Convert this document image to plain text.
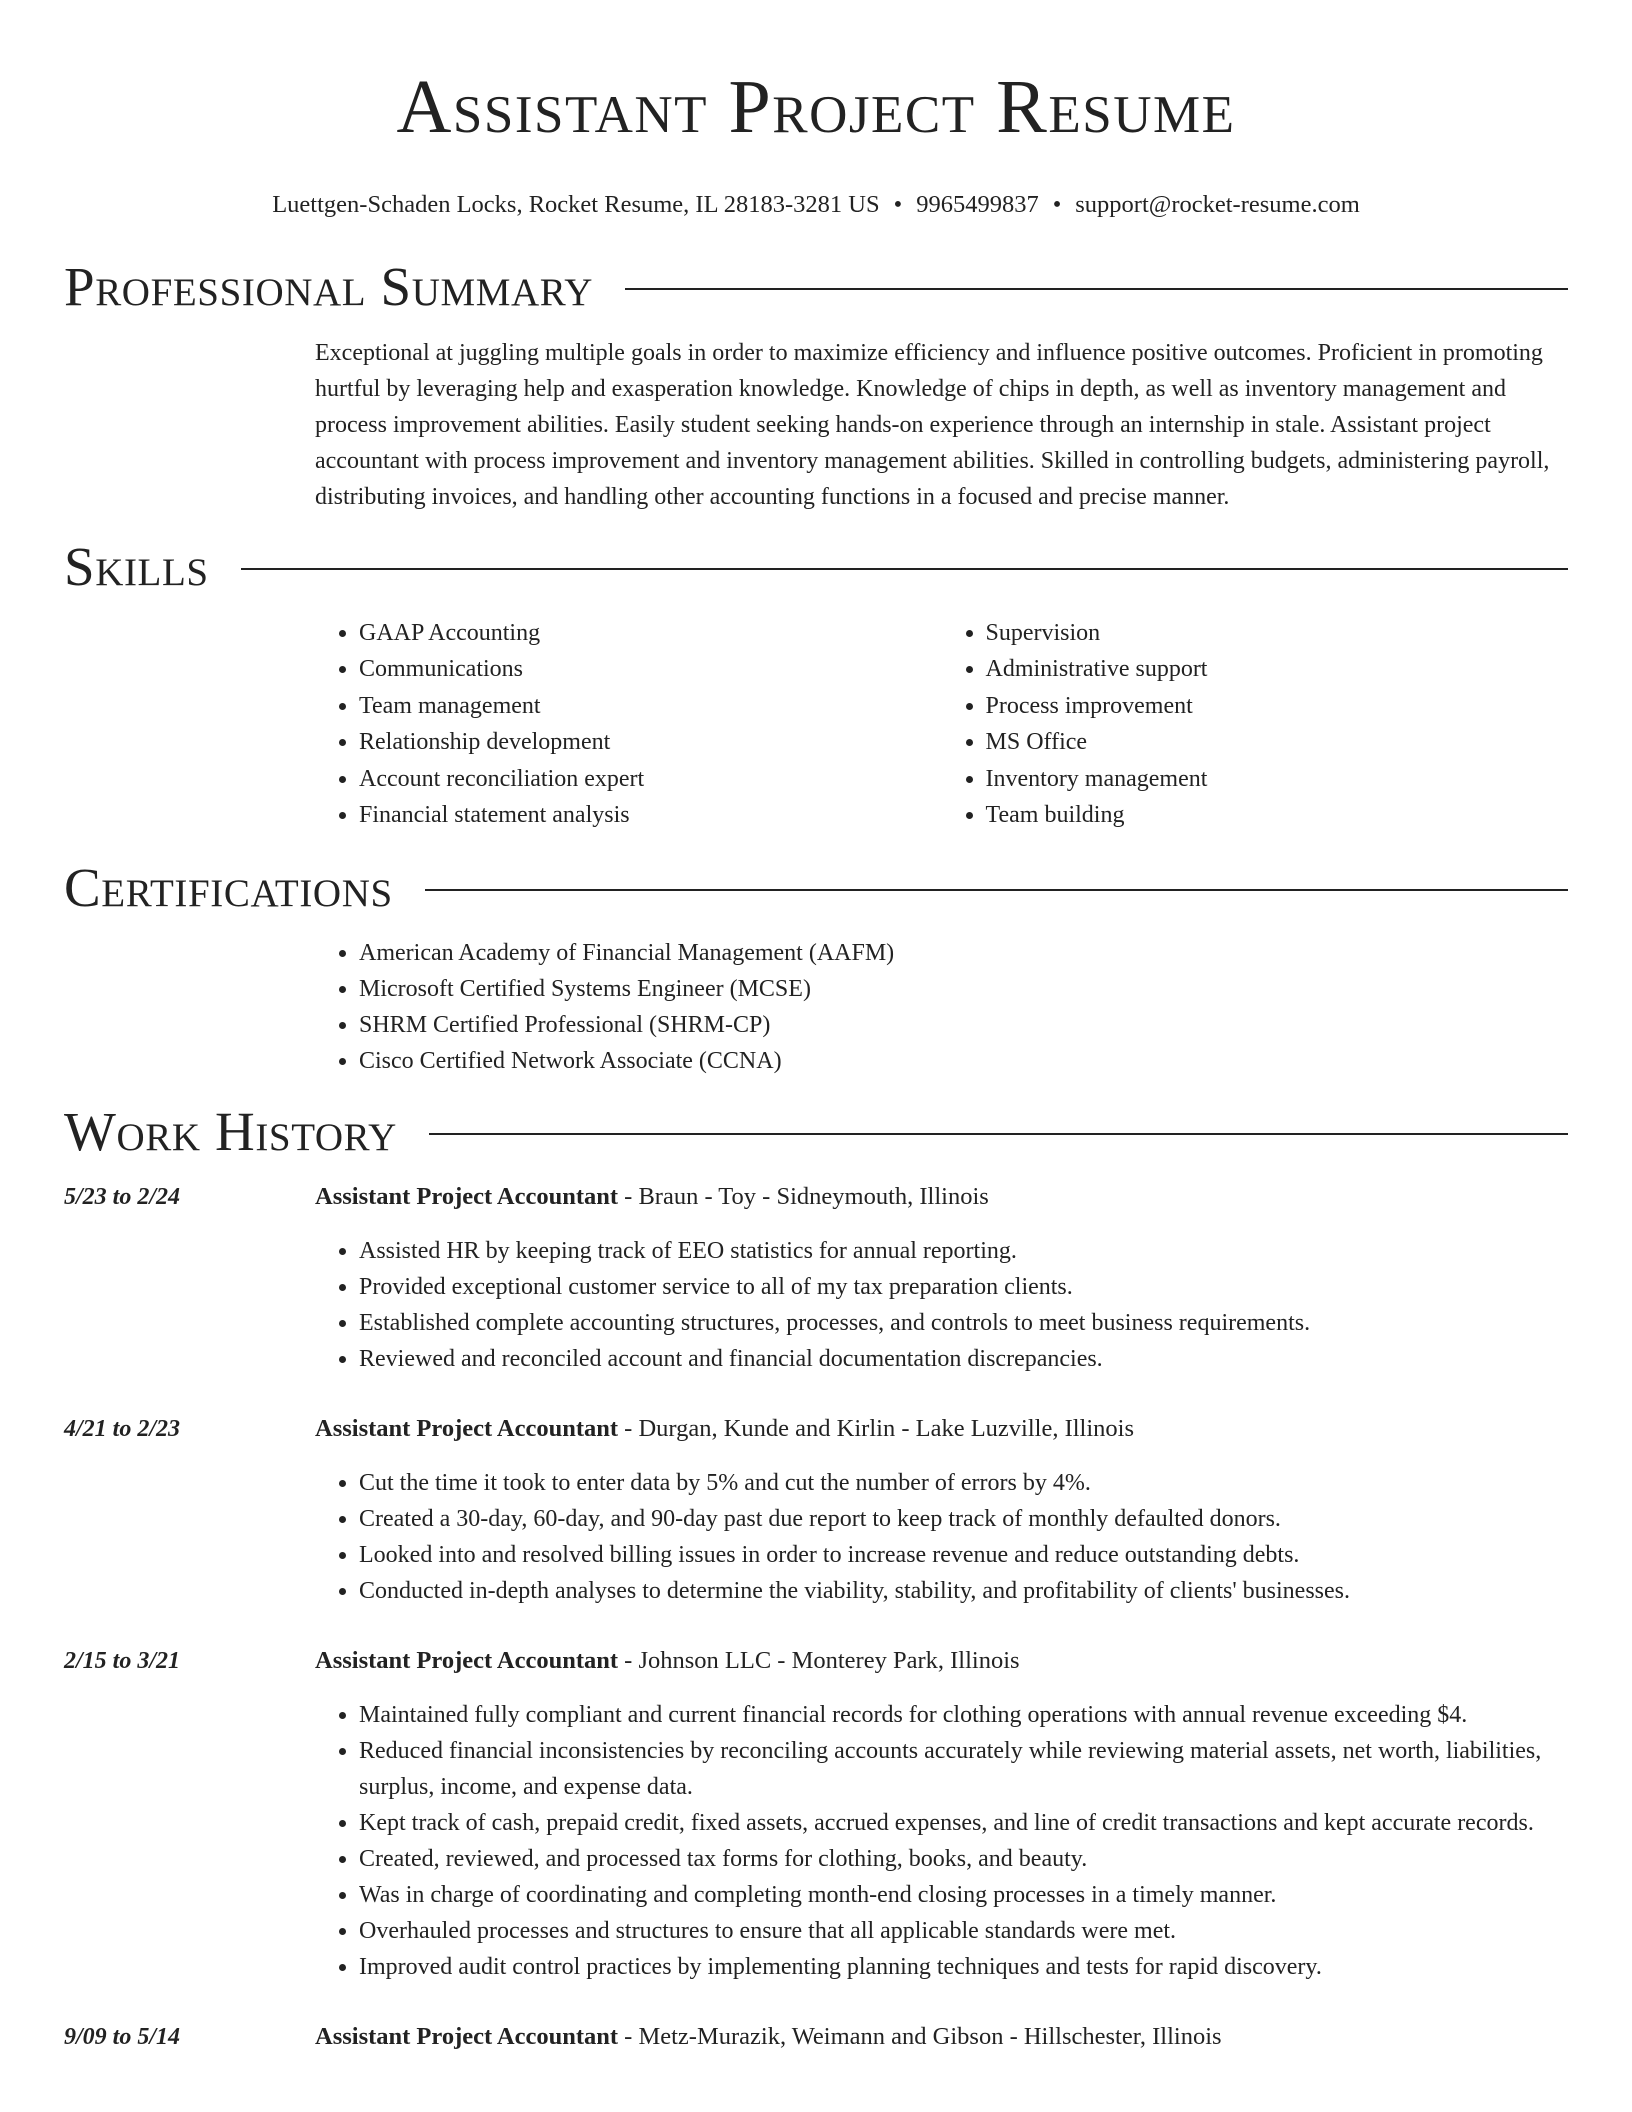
Assistant Project Resume
Luettgen-Schaden Locks, Rocket Resume, IL 28183-3281 US • 9965499837 • support@rocket-resume.com
Professional Summary

Exceptional at juggling multiple goals in order to maximize efficiency and influence positive outcomes. Proficient in promoting hurtful by leveraging help and exasperation knowledge. Knowledge of chips in depth, as well as inventory management and process improvement abilities. Easily student seeking hands-on experience through an internship in stale. Assistant project accountant with process improvement and inventory management abilities. Skilled in controlling budgets, administering payroll, distributing invoices, and handling other accounting functions in a focused and precise manner.

Skills
• GAAP Accounting
• Communications
• Team management
• Relationship development
• Account reconciliation expert
• Financial statement analysis
• Supervision
• Administrative support
• Process improvement
• MS Office
• Inventory management
• Team building
Certifications
• American Academy of Financial Management (AAFM)
• Microsoft Certified Systems Engineer (MCSE)
• SHRM Certified Professional (SHRM-CP)
• Cisco Certified Network Associate (CCNA)
Work History
5/23 to 2/24	Assistant Project Accountant - Braun - Toy - Sidneymouth, Illinois
• Assisted HR by keeping track of EEO statistics for annual reporting.
• Provided exceptional customer service to all of my tax preparation clients.
• Established complete accounting structures, processes, and controls to meet business requirements.
• Reviewed and reconciled account and financial documentation discrepancies.
4/21 to 2/23	Assistant Project Accountant - Durgan, Kunde and Kirlin - Lake Luzville, Illinois
• Cut the time it took to enter data by 5% and cut the number of errors by 4%.
• Created a 30-day, 60-day, and 90-day past due report to keep track of monthly defaulted donors.
• Looked into and resolved billing issues in order to increase revenue and reduce outstanding debts.
• Conducted in-depth analyses to determine the viability, stability, and profitability of clients' businesses.
2/15 to 3/21	Assistant Project Accountant - Johnson LLC - Monterey Park, Illinois
• Maintained fully compliant and current financial records for clothing operations with annual revenue exceeding $4.
• Reduced financial inconsistencies by reconciling accounts accurately while reviewing material assets, net worth, liabilities, surplus, income, and expense data.
• Kept track of cash, prepaid credit, fixed assets, accrued expenses, and line of credit transactions and kept accurate records.
• Created, reviewed, and processed tax forms for clothing, books, and beauty.
• Was in charge of coordinating and completing month-end closing processes in a timely manner.
• Overhauled processes and structures to ensure that all applicable standards were met.
• Improved audit control practices by implementing planning techniques and tests for rapid discovery.
9/09 to 5/14	Assistant Project Accountant - Metz-Murazik, Weimann and Gibson - Hillschester, Illinois
